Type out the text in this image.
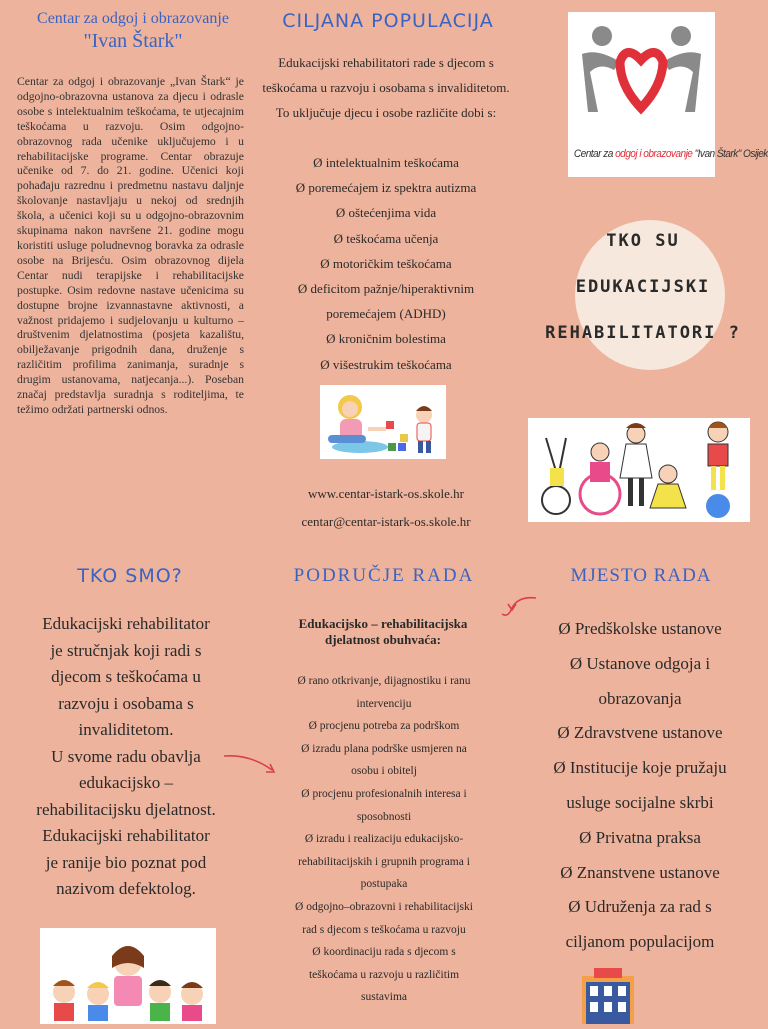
Centar za odgoj i obrazovanje
"Ivan Štark"
Centar za odgoj i obrazovanje „Ivan Štark“ je odgojno-obrazovna ustanova za djecu i odrasle osobe s intelektualnim teškoćama, te utjecajnim teškoćama u razvoju. Osim odgojno-obrazovnog rada učenike uključujemo i u rehabilitacijske programe. Centar obrazuje učenike od 7. do 21. godine. Učenici koji pohađaju razrednu i predmetnu nastavu daljnje školovanje nastavljaju u nekoj od srednjih škola, a učenici koji su u odgojno-obrazovnim skupinama nakon navršene 21. godine mogu koristiti usluge poludnevnog boravka za odrasle osobe na Brijesću. Osim obrazovnog dijela Centar nudi terapijske i rehabilitacijske postupke. Osim redovne nastave učenicima su dostupne brojne izvannastavne aktivnosti, a važnost pridajemo i sudjelovanju u kulturno – društvenim djelatnostima (posjeta kazalištu, obilježavanje prigodnih dana, druženje s različitim profilima zanimanja, suradnje s drugim ustanovama, natjecanja...). Poseban značaj predstavlja suradnja s roditeljima, te težimo održati partnerski odnos.
CILJANA POPULACIJA
Edukacijski rehabilitatori rade s djecom s teškoćama u razvoju i osobama s invaliditetom. To uključuje djecu i osobe različite dobi s:
Ø intelektualnim teškoćama
Ø poremećajem iz spektra autizma
Ø oštećenjima vida
Ø teškoćama učenja
Ø motoričkim teškoćama
Ø deficitom pažnje/hiperaktivnim poremećajem (ADHD)
Ø kroničnim bolestima
Ø višestrukim teškoćama
www.centar-istark-os.skole.hr
centar@centar-istark-os.skole.hr
Centar za odgoj i obrazovanje "Ivan Štark" Osijek
TKO SU
EDUKACIJSKI
REHABILITATORI ?
TKO SMO?
Edukacijski rehabilitator
je stručnjak koji radi s
djecom s teškoćama u
razvoju i osobama s
invaliditetom.
U svome radu obavlja
edukacijsko –
rehabilitacijsku djelatnost.
Edukacijski rehabilitator
je ranije bio poznat pod
nazivom defektolog.
PODRUČJE RADA
Edukacijsko – rehabilitacijska djelatnost obuhvaća:
Ø rano otkrivanje, dijagnostiku i ranu
intervenciju
Ø procjenu potreba za podrškom
Ø izradu plana podrške usmjeren na
osobu i obitelj
Ø procjenu profesionalnih interesa i
sposobnosti
Ø izradu i realizaciju edukacijsko-
rehabilitacijskih i grupnih programa i
postupaka
Ø odgojno–obrazovni i rehabilitacijski
rad s djecom s teškoćama u razvoju
Ø koordinaciju rada s djecom s
teškoćama u razvoju u različitim
sustavima
MJESTO RADA
Ø Predškolske ustanove
Ø Ustanove odgoja i
obrazovanja
Ø Zdravstvene ustanove
Ø Institucije koje pružaju
usluge socijalne skrbi
Ø Privatna praksa
Ø Znanstvene ustanove
Ø Udruženja za rad s
ciljanom populacijom
